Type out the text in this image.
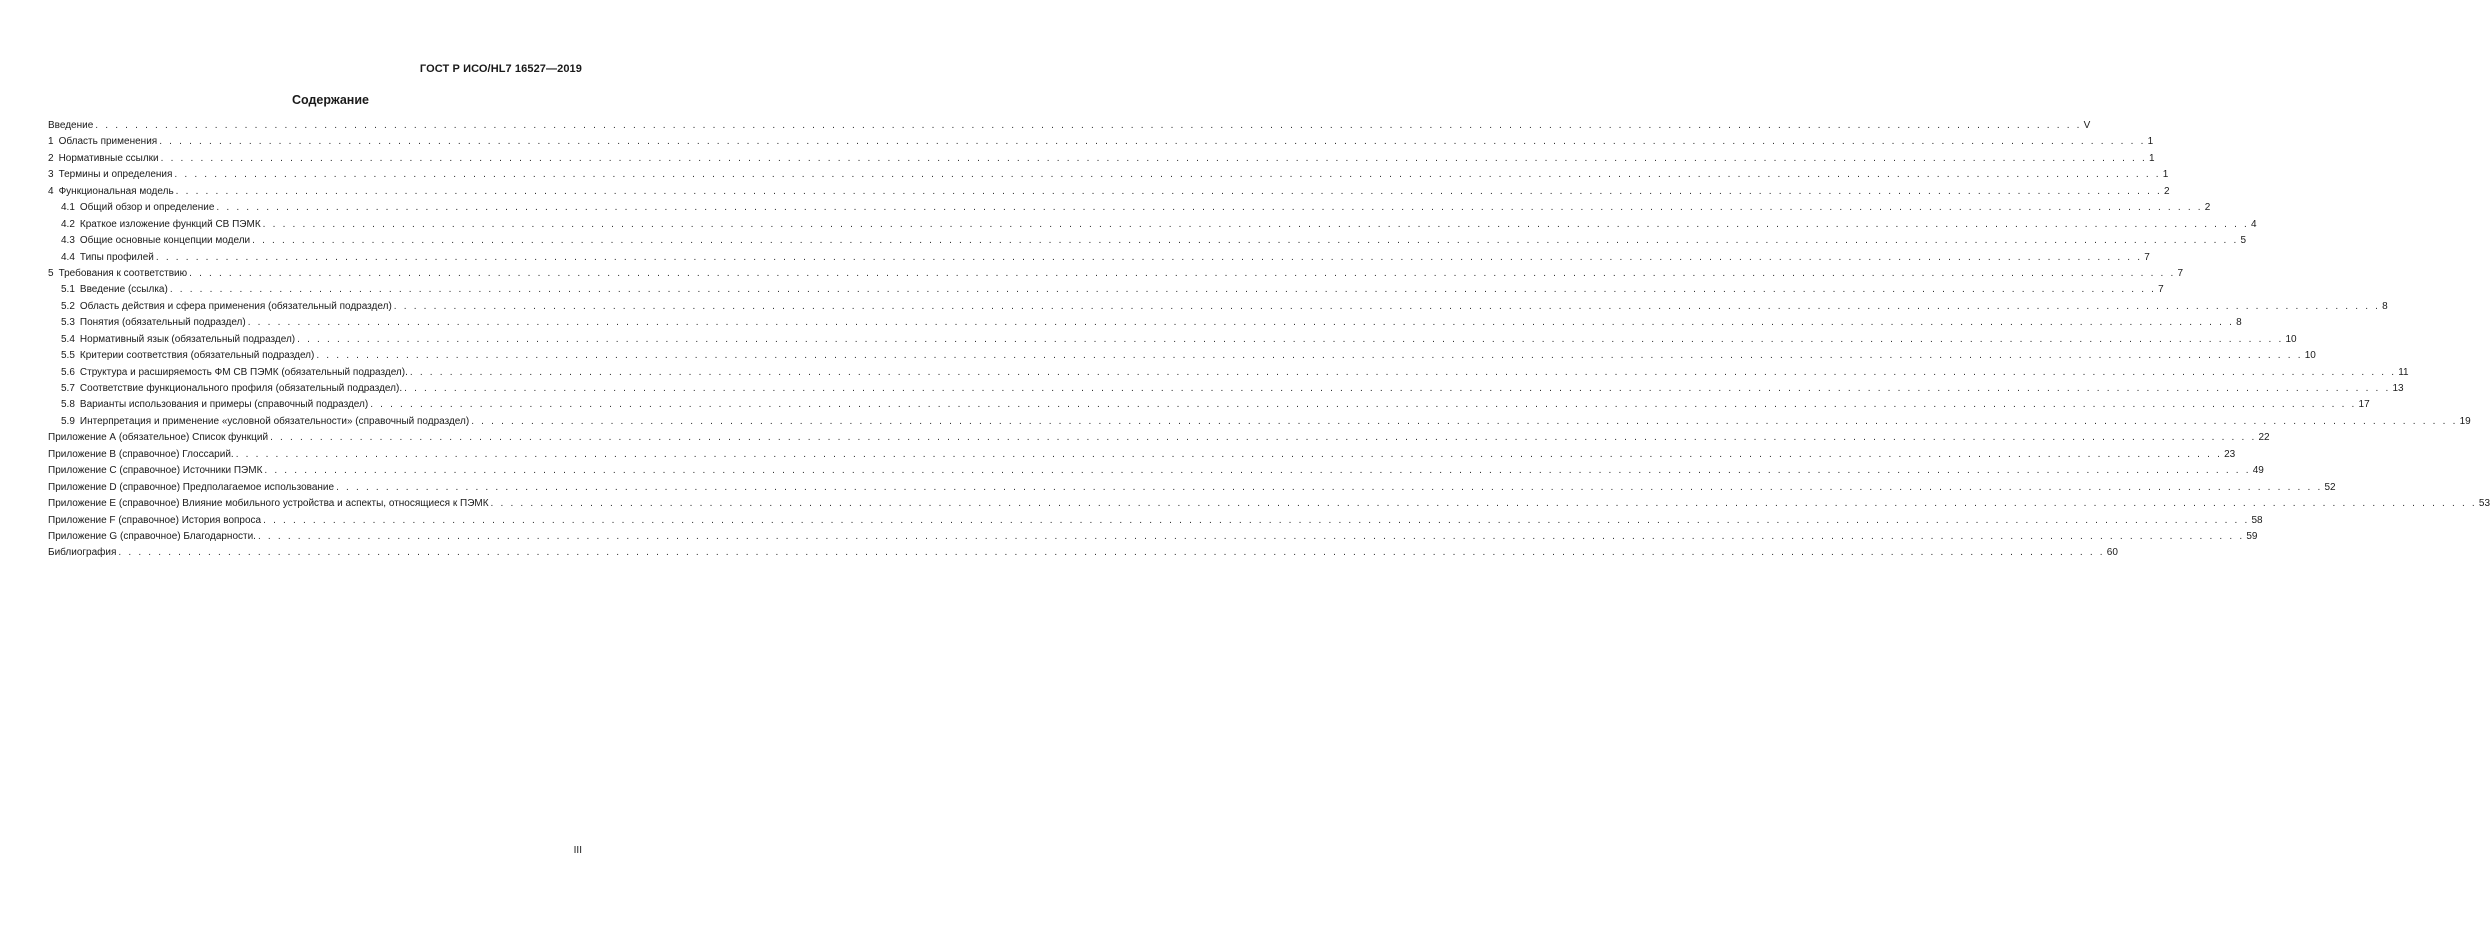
ГОСТ Р ИСО/HL7 16527—2019
Содержание
Введение . . . . . . . . . . . . . . . . . . . . . . . . . . . . . . . . . . . . . . . . . . . . . . . . . . . . . . . . . . . . . . . . . . . . . . . . . . . . . . . . . . . . . . . . . . . . . . . . . . . . . . . . . . . . . . . . . . . . . . . . . . . . . . . . . . . . . . . . . . . . . . . . . . . . . . . . . . . . . . . . . . . . . . . . . . . . . . . . . . . . . . . . . . . . . . . . . . . . . . . . V
1 Область применения . . . . . . . . . . . . . . . . . . . . . . . . . . . . . . . . . . . . . . . . . . . . . . . . . . . . . . . . . . . . . . . . . . . . . . . . . . . . . . . . . . . . . . . . . . . . . . . . . . . . . . . . . . . . . . . . . . . . . . . . . . . . . . . . . . . . . . . . . . . . . . . . . . . . . . . . . . . . . . . . . . . . . . . . . . . . . . . . . . . . . . . . . . . . . . . . . . . . . . . . 1
2 Нормативные ссылки . . . . . . . . . . . . . . . . . . . . . . . . . . . . . . . . . . . . . . . . . . . . . . . . . . . . . . . . . . . . . . . . . . . . . . . . . . . . . . . . . . . . . . . . . . . . . . . . . . . . . . . . . . . . . . . . . . . . . . . . . . . . . . . . . . . . . . . . . . . . . . . . . . . . . . . . . . . . . . . . . . . . . . . . . . . . . . . . . . . . . . . . . . . . . . . . . . . . . . . . 1
3 Термины и определения . . . . . . . . . . . . . . . . . . . . . . . . . . . . . . . . . . . . . . . . . . . . . . . . . . . . . . . . . . . . . . . . . . . . . . . . . . . . . . . . . . . . . . . . . . . . . . . . . . . . . . . . . . . . . . . . . . . . . . . . . . . . . . . . . . . . . . . . . . . . . . . . . . . . . . . . . . . . . . . . . . . . . . . . . . . . . . . . . . . . . . . . . . . . . . . . . . . . . . . . 1
4 Функциональная модель . . . . . . . . . . . . . . . . . . . . . . . . . . . . . . . . . . . . . . . . . . . . . . . . . . . . . . . . . . . . . . . . . . . . . . . . . . . . . . . . . . . . . . . . . . . . . . . . . . . . . . . . . . . . . . . . . . . . . . . . . . . . . . . . . . . . . . . . . . . . . . . . . . . . . . . . . . . . . . . . . . . . . . . . . . . . . . . . . . . . . . . . . . . . . . . . . . . . . . . . 2
4.1 Общий обзор и определение . . . . . . . . . . . . . . . . . . . . . . . . . . . . . . . . . . . . . . . . . . . . . . . . . . . . . . . . . . . . . . . . . . . . . . . . . . . . . . . . . . . . . . . . . . . . . . . . . . . . . . . . . . . . . . . . . . . . . . . . . . . . . . . . . . . . . . . . . . . . . . . . . . . . . . . . . . . . . . . . . . . . . . . . . . . . . . . . . . . . . . . . . . . . . . . . . . . . . . . . 2
4.2 Краткое изложение функций СВ ПЭМК . . . . . . . . . . . . . . . . . . . . . . . . . . . . . . . . . . . . . . . . . . . . . . . . . . . . . . . . . . . . . . . . . . . . . . . . . . . . . . . . . . . . . . . . . . . . . . . . . . . . . . . . . . . . . . . . . . . . . . . . . . . . . . . . . . . . . . . . . . . . . . . . . . . . . . . . . . . . . . . . . . . . . . . . . . . . . . . . . . . . . . . . . . . . . . . . . . . . . . . . 4
4.3 Общие основные концепции модели . . . . . . . . . . . . . . . . . . . . . . . . . . . . . . . . . . . . . . . . . . . . . . . . . . . . . . . . . . . . . . . . . . . . . . . . . . . . . . . . . . . . . . . . . . . . . . . . . . . . . . . . . . . . . . . . . . . . . . . . . . . . . . . . . . . . . . . . . . . . . . . . . . . . . . . . . . . . . . . . . . . . . . . . . . . . . . . . . . . . . . . . . . . . . . . . . . . . . . . . 5
4.4 Типы профилей . . . . . . . . . . . . . . . . . . . . . . . . . . . . . . . . . . . . . . . . . . . . . . . . . . . . . . . . . . . . . . . . . . . . . . . . . . . . . . . . . . . . . . . . . . . . . . . . . . . . . . . . . . . . . . . . . . . . . . . . . . . . . . . . . . . . . . . . . . . . . . . . . . . . . . . . . . . . . . . . . . . . . . . . . . . . . . . . . . . . . . . . . . . . . . . . . . . . . . . . 7
5 Требования к соответствию . . . . . . . . . . . . . . . . . . . . . . . . . . . . . . . . . . . . . . . . . . . . . . . . . . . . . . . . . . . . . . . . . . . . . . . . . . . . . . . . . . . . . . . . . . . . . . . . . . . . . . . . . . . . . . . . . . . . . . . . . . . . . . . . . . . . . . . . . . . . . . . . . . . . . . . . . . . . . . . . . . . . . . . . . . . . . . . . . . . . . . . . . . . . . . . . . . . . . . . . 7
5.1 Введение (ссылка) . . . . . . . . . . . . . . . . . . . . . . . . . . . . . . . . . . . . . . . . . . . . . . . . . . . . . . . . . . . . . . . . . . . . . . . . . . . . . . . . . . . . . . . . . . . . . . . . . . . . . . . . . . . . . . . . . . . . . . . . . . . . . . . . . . . . . . . . . . . . . . . . . . . . . . . . . . . . . . . . . . . . . . . . . . . . . . . . . . . . . . . . . . . . . . . . . . . . . . . . 7
5.2 Область действия и сфера применения (обязательный подраздел) . . . . . . . . . . . . . . . . . . . . . . . . . . . . . . . . . . . . . . . . . . . . . . . . . . . . . . . . . . . . . . . . . . . . . . . . . . . . . . . . . . . . . . . . . . . . . . . . . . . . . . . . . . . . . . . . . . . . . . . . . . . . . . . . . . . . . . . . . . . . . . . . . . . . . . . . . . . . . . . . . . . . . . . . . . . . . . . . . . . . . . . . . . . . . . . . . . . . . . . . 8
5.3 Понятия (обязательный подраздел) . . . . . . . . . . . . . . . . . . . . . . . . . . . . . . . . . . . . . . . . . . . . . . . . . . . . . . . . . . . . . . . . . . . . . . . . . . . . . . . . . . . . . . . . . . . . . . . . . . . . . . . . . . . . . . . . . . . . . . . . . . . . . . . . . . . . . . . . . . . . . . . . . . . . . . . . . . . . . . . . . . . . . . . . . . . . . . . . . . . . . . . . . . . . . . . . . . . . . . . . 8
5.4 Нормативный язык (обязательный подраздел) . . . . . . . . . . . . . . . . . . . . . . . . . . . . . . . . . . . . . . . . . . . . . . . . . . . . . . . . . . . . . . . . . . . . . . . . . . . . . . . . . . . . . . . . . . . . . . . . . . . . . . . . . . . . . . . . . . . . . . . . . . . . . . . . . . . . . . . . . . . . . . . . . . . . . . . . . . . . . . . . . . . . . . . . . . . . . . . . . . . . . . . . . . . . . . . . . . . . . . . . 10
5.5 Критерии соответствия (обязательный подраздел) . . . . . . . . . . . . . . . . . . . . . . . . . . . . . . . . . . . . . . . . . . . . . . . . . . . . . . . . . . . . . . . . . . . . . . . . . . . . . . . . . . . . . . . . . . . . . . . . . . . . . . . . . . . . . . . . . . . . . . . . . . . . . . . . . . . . . . . . . . . . . . . . . . . . . . . . . . . . . . . . . . . . . . . . . . . . . . . . . . . . . . . . . . . . . . . . . . . . . . . . 10
5.6 Структура и расширяемость ФМ СВ ПЭМК (обязательный подраздел). . . . . . . . . . . . . . . . . . . . . . . . . . . . . . . . . . . . . . . . . . . . . . . . . . . . . . . . . . . . . . . . . . . . . . . . . . . . . . . . . . . . . . . . . . . . . . . . . . . . . . . . . . . . . . . . . . . . . . . . . . . . . . . . . . . . . . . . . . . . . . . . . . . . . . . . . . . . . . . . . . . . . . . . . . . . . . . . . . . . . . . . . . . . . . . . . . . . . . . . . 11
5.7 Соответствие функционального профиля (обязательный подраздел). . . . . . . . . . . . . . . . . . . . . . . . . . . . . . . . . . . . . . . . . . . . . . . . . . . . . . . . . . . . . . . . . . . . . . . . . . . . . . . . . . . . . . . . . . . . . . . . . . . . . . . . . . . . . . . . . . . . . . . . . . . . . . . . . . . . . . . . . . . . . . . . . . . . . . . . . . . . . . . . . . . . . . . . . . . . . . . . . . . . . . . . . . . . . . . . . . . . . . . . . 13
5.8 Варианты использования и примеры (справочный подраздел) . . . . . . . . . . . . . . . . . . . . . . . . . . . . . . . . . . . . . . . . . . . . . . . . . . . . . . . . . . . . . . . . . . . . . . . . . . . . . . . . . . . . . . . . . . . . . . . . . . . . . . . . . . . . . . . . . . . . . . . . . . . . . . . . . . . . . . . . . . . . . . . . . . . . . . . . . . . . . . . . . . . . . . . . . . . . . . . . . . . . . . . . . . . . . . . . . . . . . . . . 17
5.9 Интерпретация и применение «условной обязательности» (справочный подраздел) . . . . . . . . . . . . . . . . . . . . . . . . . . . . . . . . . . . . . . . . . . . . . . . . . . . . . . . . . . . . . . . . . . . . . . . . . . . . . . . . . . . . . . . . . . . . . . . . . . . . . . . . . . . . . . . . . . . . . . . . . . . . . . . . . . . . . . . . . . . . . . . . . . . . . . . . . . . . . . . . . . . . . . . . . . . . . . . . . . . . . . . . . . . . . . . . . . . . . . . . 19
Приложение А (обязательное) Список функций . . . . . . . . . . . . . . . . . . . . . . . . . . . . . . . . . . . . . . . . . . . . . . . . . . . . . . . . . . . . . . . . . . . . . . . . . . . . . . . . . . . . . . . . . . . . . . . . . . . . . . . . . . . . . . . . . . . . . . . . . . . . . . . . . . . . . . . . . . . . . . . . . . . . . . . . . . . . . . . . . . . . . . . . . . . . . . . . . . . . . . . . . . . . . . . . . . . . . . . . 22
Приложение В (справочное) Глоссарий. . . . . . . . . . . . . . . . . . . . . . . . . . . . . . . . . . . . . . . . . . . . . . . . . . . . . . . . . . . . . . . . . . . . . . . . . . . . . . . . . . . . . . . . . . . . . . . . . . . . . . . . . . . . . . . . . . . . . . . . . . . . . . . . . . . . . . . . . . . . . . . . . . . . . . . . . . . . . . . . . . . . . . . . . . . . . . . . . . . . . . . . . . . . . . . . . . . . . . . . . 23
Приложение С (справочное) Источники ПЭМК . . . . . . . . . . . . . . . . . . . . . . . . . . . . . . . . . . . . . . . . . . . . . . . . . . . . . . . . . . . . . . . . . . . . . . . . . . . . . . . . . . . . . . . . . . . . . . . . . . . . . . . . . . . . . . . . . . . . . . . . . . . . . . . . . . . . . . . . . . . . . . . . . . . . . . . . . . . . . . . . . . . . . . . . . . . . . . . . . . . . . . . . . . . . . . . . . . . . . . . . 49
Приложение D (справочное) Предполагаемое использование . . . . . . . . . . . . . . . . . . . . . . . . . . . . . . . . . . . . . . . . . . . . . . . . . . . . . . . . . . . . . . . . . . . . . . . . . . . . . . . . . . . . . . . . . . . . . . . . . . . . . . . . . . . . . . . . . . . . . . . . . . . . . . . . . . . . . . . . . . . . . . . . . . . . . . . . . . . . . . . . . . . . . . . . . . . . . . . . . . . . . . . . . . . . . . . . . . . . . . . . 52
Приложение Е (справочное) Влияние мобильного устройства и аспекты, относящиеся к ПЭМК . . . . . . . . . . . . . . . . . . . . . . . . . . . . . . . . . . . . . . . . . . . . . . . . . . . . . . . . . . . . . . . . . . . . . . . . . . . . . . . . . . . . . . . . . . . . . . . . . . . . . . . . . . . . . . . . . . . . . . . . . . . . . . . . . . . . . . . . . . . . . . . . . . . . . . . . . . . . . . . . . . . . . . . . . . . . . . . . . . . . . . . . . . . . . . . . . . . . . . . . 53
Приложение F (справочное) История вопроса . . . . . . . . . . . . . . . . . . . . . . . . . . . . . . . . . . . . . . . . . . . . . . . . . . . . . . . . . . . . . . . . . . . . . . . . . . . . . . . . . . . . . . . . . . . . . . . . . . . . . . . . . . . . . . . . . . . . . . . . . . . . . . . . . . . . . . . . . . . . . . . . . . . . . . . . . . . . . . . . . . . . . . . . . . . . . . . . . . . . . . . . . . . . . . . . . . . . . . . . 58
Приложение G (справочное) Благодарности. . . . . . . . . . . . . . . . . . . . . . . . . . . . . . . . . . . . . . . . . . . . . . . . . . . . . . . . . . . . . . . . . . . . . . . . . . . . . . . . . . . . . . . . . . . . . . . . . . . . . . . . . . . . . . . . . . . . . . . . . . . . . . . . . . . . . . . . . . . . . . . . . . . . . . . . . . . . . . . . . . . . . . . . . . . . . . . . . . . . . . . . . . . . . . . . . . . . . . . . . 59
Библиография . . . . . . . . . . . . . . . . . . . . . . . . . . . . . . . . . . . . . . . . . . . . . . . . . . . . . . . . . . . . . . . . . . . . . . . . . . . . . . . . . . . . . . . . . . . . . . . . . . . . . . . . . . . . . . . . . . . . . . . . . . . . . . . . . . . . . . . . . . . . . . . . . . . . . . . . . . . . . . . . . . . . . . . . . . . . . . . . . . . . . . . . . . . . . . . . . . . . . . . . 60
III
